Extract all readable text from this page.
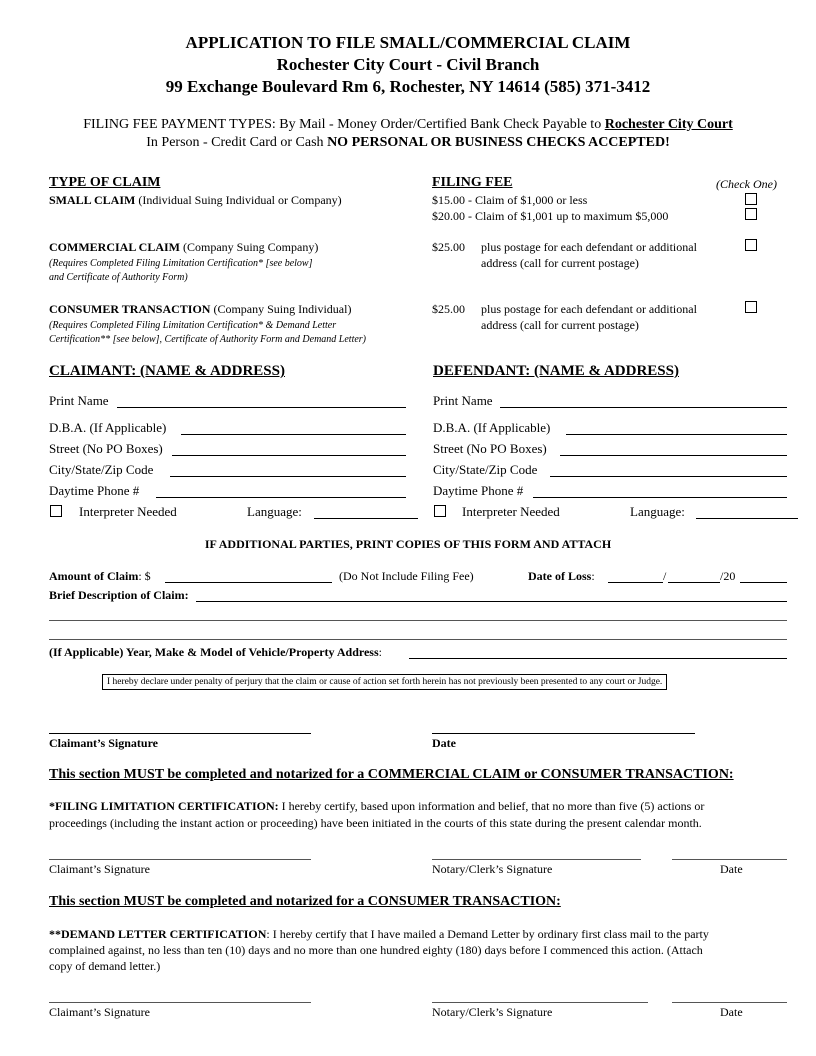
APPLICATION TO FILE SMALL/COMMERCIAL CLAIM
Rochester City Court - Civil Branch
99 Exchange Boulevard Rm 6, Rochester, NY 14614 (585) 371-3412
FILING FEE PAYMENT TYPES: By Mail - Money Order/Certified Bank Check Payable to Rochester City Court
In Person - Credit Card or Cash NO PERSONAL OR BUSINESS CHECKS ACCEPTED!
TYPE OF CLAIM	FILING FEE	(Check One)
SMALL CLAIM (Individual Suing Individual or Company)	$15.00 - Claim of $1,000 or less
$20.00 - Claim of $1,001 up to maximum $5,000
COMMERCIAL CLAIM (Company Suing Company)
(Requires Completed Filing Limitation Certification* [see below]
and Certificate of Authority Form)
$25.00 plus postage for each defendant or additional
address (call for current postage)
CONSUMER TRANSACTION (Company Suing Individual)
(Requires Completed Filing Limitation Certification* & Demand Letter
Certification** [see below], Certificate of Authority Form and Demand Letter)
$25.00 plus postage for each defendant or additional
address (call for current postage)
CLAIMANT: (NAME & ADDRESS)	DEFENDANT: (NAME & ADDRESS)
Print Name
D.B.A. (If Applicable)
Street (No PO Boxes)
City/State/Zip Code
Daytime Phone #
Interpreter Needed	Language:
Print Name
D.B.A. (If Applicable)
Street (No PO Boxes)
City/State/Zip Code
Daytime Phone #
Interpreter Needed	Language:
IF ADDITIONAL PARTIES, PRINT COPIES OF THIS FORM AND ATTACH
Amount of Claim: $	(Do Not Include Filing Fee)	Date of Loss:	/	/20
Brief Description of Claim:
(If Applicable) Year, Make & Model of Vehicle/Property Address:
I hereby declare under penalty of perjury that the claim or cause of action set forth herein has not previously been presented to any court or Judge.
Claimant’s Signature	Date
This section MUST be completed and notarized for a COMMERCIAL CLAIM or CONSUMER TRANSACTION:
*FILING LIMITATION CERTIFICATION: I hereby certify, based upon information and belief, that no more than five (5) actions or
proceedings (including the instant action or proceeding) have been initiated in the courts of this state during the present calendar month.
Claimant’s Signature	Notary/Clerk’s Signature	Date
This section MUST be completed and notarized for a CONSUMER TRANSACTION:
**DEMAND LETTER CERTIFICATION: I hereby certify that I have mailed a Demand Letter by ordinary first class mail to the party
complained against, no less than ten (10) days and no more than one hundred eighty (180) days before I commenced this action. (Attach
copy of demand letter.)
Claimant’s Signature	Notary/Clerk’s Signature	Date
